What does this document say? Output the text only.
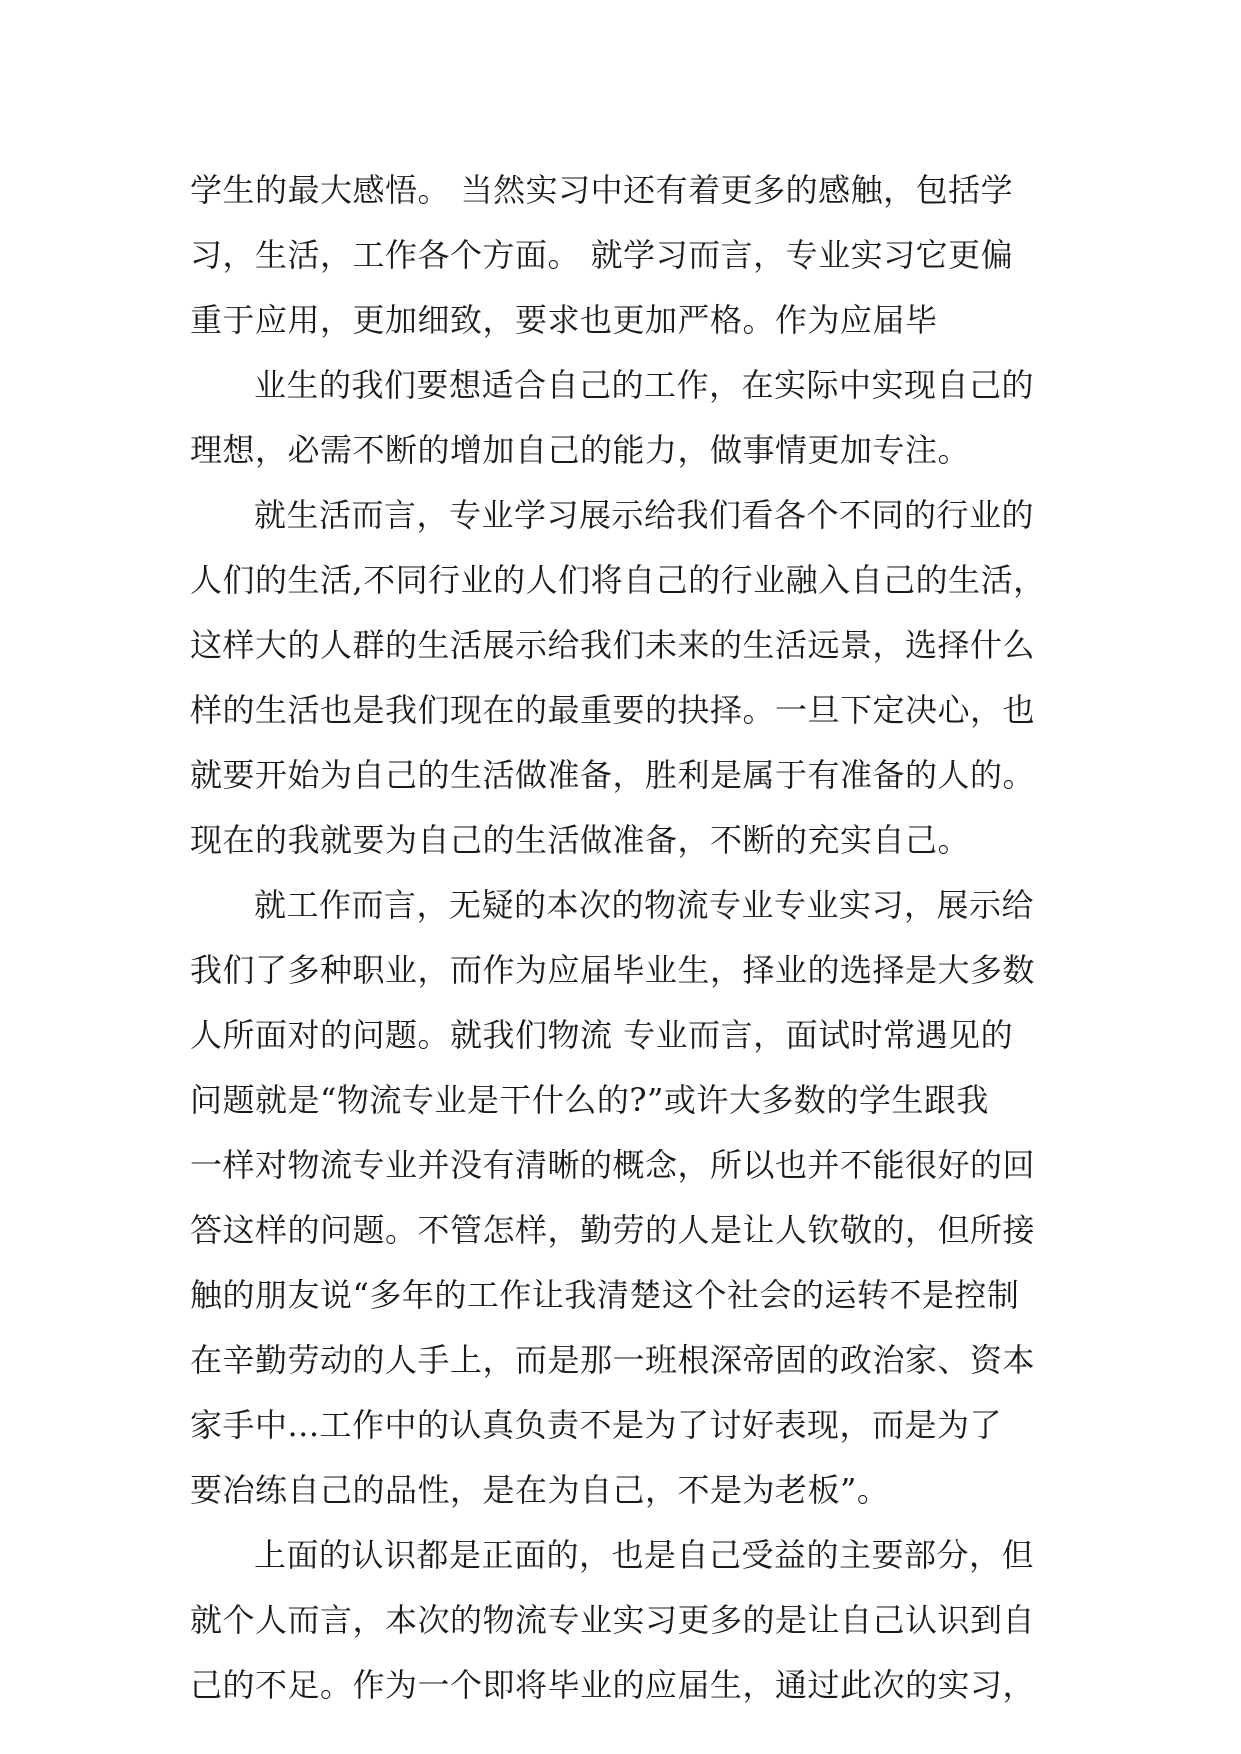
学生的最大感悟。 当然实习中还有着更多的感触，包括学
习，生活，工作各个方面。 就学习而言，专业实习它更偏
重于应用，更加细致，要求也更加严格。作为应届毕
业生的我们要想适合自己的工作，在实际中实现自己的
理想，必需不断的增加自己的能力，做事情更加专注。
就生活而言，专业学习展示给我们看各个不同的行业的
人们的生活,不同行业的人们将自己的行业融入自己的生活，
这样大的人群的生活展示给我们未来的生活远景，选择什么
样的生活也是我们现在的最重要的抉择。一旦下定决心，也
就要开始为自己的生活做准备，胜利是属于有准备的人的。
现在的我就要为自己的生活做准备，不断的充实自己。
就工作而言，无疑的本次的物流专业专业实习，展示给
我们了多种职业，而作为应届毕业生，择业的选择是大多数
人所面对的问题。就我们物流 专业而言，面试时常遇见的
问题就是“物流专业是干什么的?”或许大多数的学生跟我
一样对物流专业并没有清晰的概念，所以也并不能很好的回
答这样的问题。不管怎样，勤劳的人是让人钦敬的，但所接
触的朋友说“多年的工作让我清楚这个社会的运转不是控制
在辛勤劳动的人手上，而是那一班根深帝固的政治家、资本
家手中...工作中的认真负责不是为了讨好表现，而是为了
要冶练自己的品性，是在为自己，不是为老板”。
上面的认识都是正面的，也是自己受益的主要部分，但
就个人而言，本次的物流专业实习更多的是让自己认识到自
己的不足。作为一个即将毕业的应届生，通过此次的实习，
